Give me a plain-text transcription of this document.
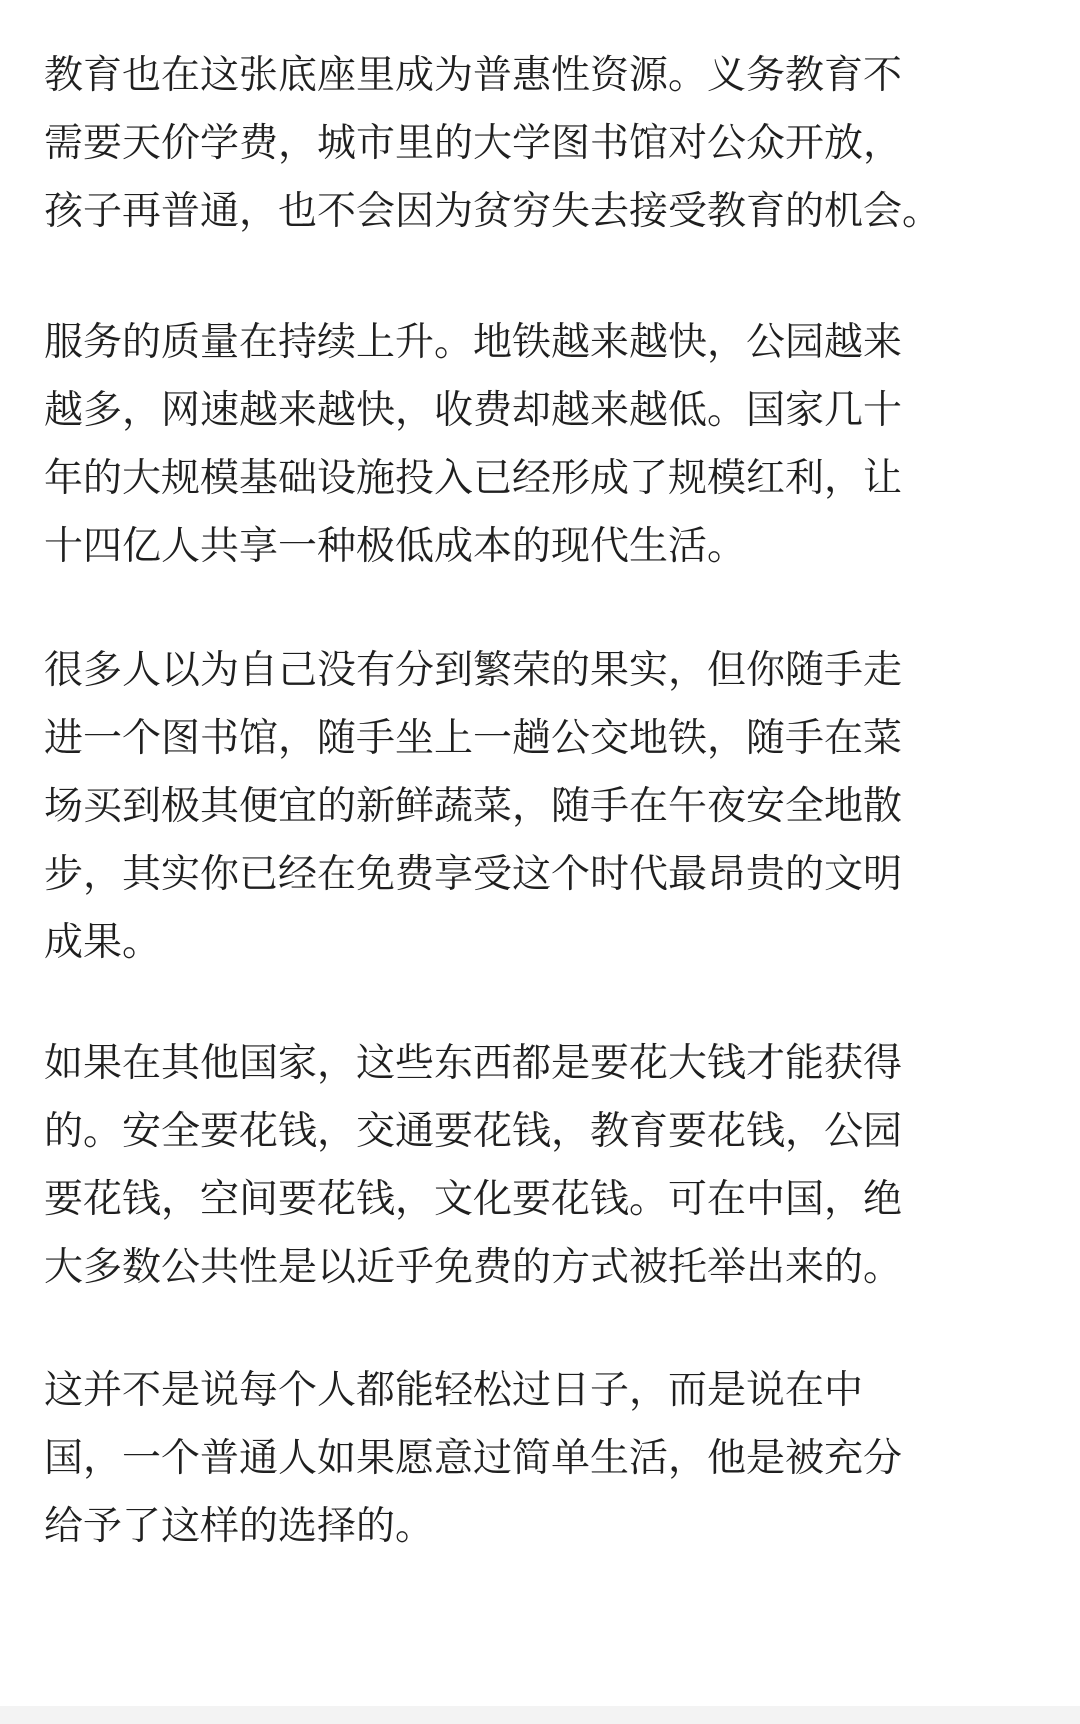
教育也在这张底座里成为普惠性资源。义务教育不
需要天价学费，城市里的大学图书馆对公众开放，
孩子再普通，也不会因为贫穷失去接受教育的机会。

服务的质量在持续上升。地铁越来越快，公园越来
越多，网速越来越快，收费却越来越低。国家几十
年的大规模基础设施投入已经形成了规模红利，让
十四亿人共享一种极低成本的现代生活。

很多人以为自己没有分到繁荣的果实，但你随手走
进一个图书馆，随手坐上一趟公交地铁，随手在菜
场买到极其便宜的新鲜蔬菜，随手在午夜安全地散
步，其实你已经在免费享受这个时代最昂贵的文明
成果。

如果在其他国家，这些东西都是要花大钱才能获得
的。安全要花钱，交通要花钱，教育要花钱，公园
要花钱，空间要花钱，文化要花钱。可在中国，绝
大多数公共性是以近乎免费的方式被托举出来的。

这并不是说每个人都能轻松过日子，而是说在中
国，一个普通人如果愿意过简单生活，他是被充分
给予了这样的选择的。
